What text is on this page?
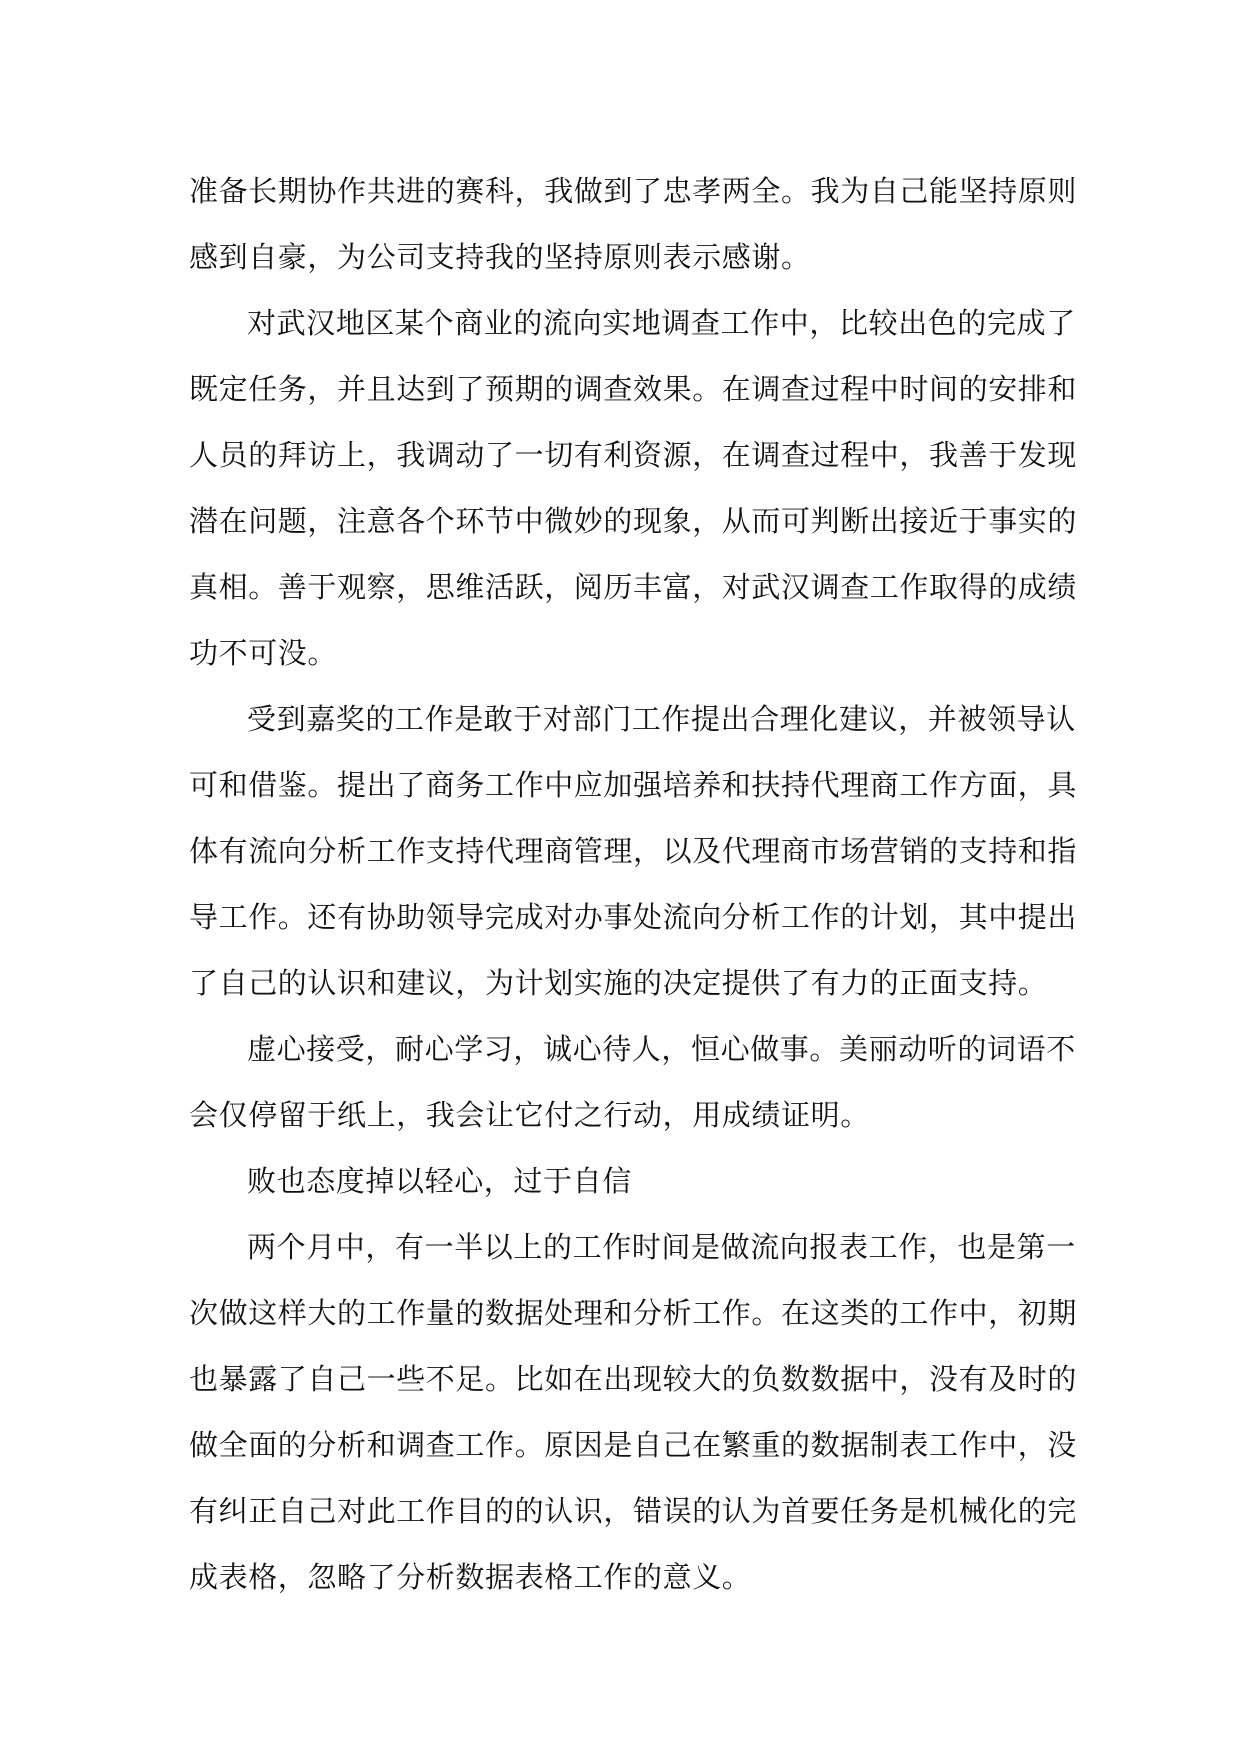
准备长期协作共进的赛科，我做到了忠孝两全。我为自己能坚持原则
感到自豪，为公司支持我的坚持原则表示感谢。

对武汉地区某个商业的流向实地调查工作中，比较出色的完成了
既定任务，并且达到了预期的调查效果。在调查过程中时间的安排和
人员的拜访上，我调动了一切有利资源，在调查过程中，我善于发现
潜在问题，注意各个环节中微妙的现象，从而可判断出接近于事实的
真相。善于观察，思维活跃，阅历丰富，对武汉调查工作取得的成绩
功不可没。

受到嘉奖的工作是敢于对部门工作提出合理化建议，并被领导认
可和借鉴。提出了商务工作中应加强培养和扶持代理商工作方面，具
体有流向分析工作支持代理商管理，以及代理商市场营销的支持和指
导工作。还有协助领导完成对办事处流向分析工作的计划，其中提出
了自己的认识和建议，为计划实施的决定提供了有力的正面支持。

虚心接受，耐心学习，诚心待人，恒心做事。美丽动听的词语不
会仅停留于纸上，我会让它付之行动，用成绩证明。

败也态度掉以轻心，过于自信

两个月中，有一半以上的工作时间是做流向报表工作，也是第一
次做这样大的工作量的数据处理和分析工作。在这类的工作中，初期
也暴露了自己一些不足。比如在出现较大的负数数据中，没有及时的
做全面的分析和调查工作。原因是自己在繁重的数据制表工作中，没
有纠正自己对此工作目的的认识，错误的认为首要任务是机械化的完
成表格，忽略了分析数据表格工作的意义。
